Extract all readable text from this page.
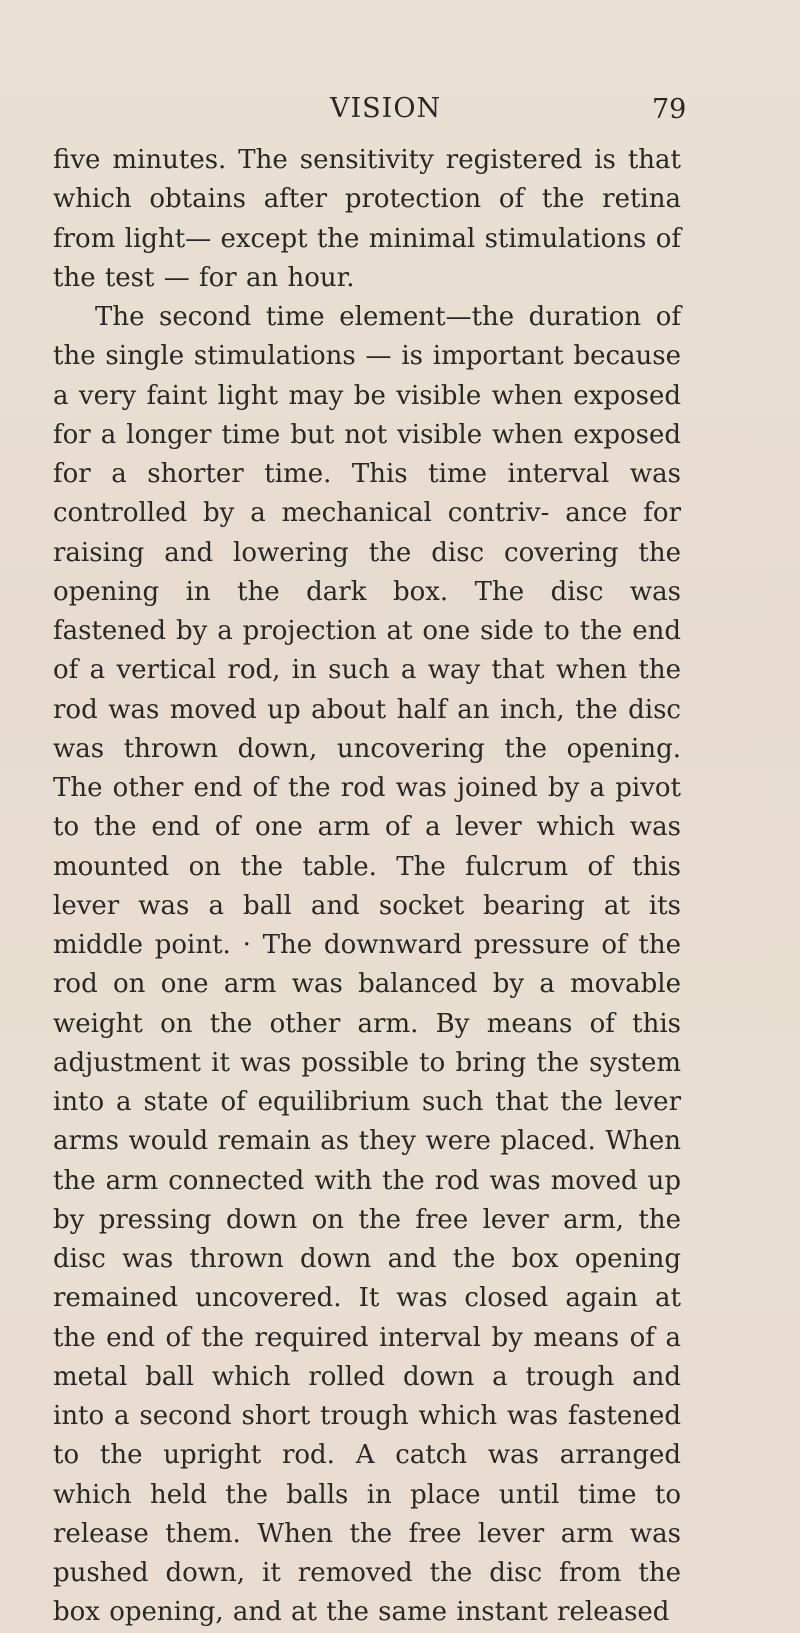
VISION	79

five minutes. The sensitivity registered is that which obtains after protection of the retina from light— except the minimal stimulations of the test — for an hour.

The second time element—the duration of the single stimulations — is important because a very faint light may be visible when exposed for a longer time but not visible when exposed for a shorter time. This time interval was controlled by a mechanical contriv- ance for raising and lowering the disc covering the opening in the dark box. The disc was fastened by a projection at one side to the end of a vertical rod, in such a way that when the rod was moved up about half an inch, the disc was thrown down, uncovering the opening. The other end of the rod was joined by a pivot to the end of one arm of a lever which was mounted on the table. The fulcrum of this lever was a ball and socket bearing at its middle point. · The downward pressure of the rod on one arm was balanced by a movable weight on the other arm. By means of this adjustment it was possible to bring the system into a state of equilibrium such that the lever arms would remain as they were placed. When the arm connected with the rod was moved up by pressing down on the free lever arm, the disc was thrown down and the box opening remained uncovered. It was closed again at the end of the required interval by means of a metal ball which rolled down a trough and into a second short trough which was fastened to the upright rod. A catch was arranged which held the balls in place until time to release them. When the free lever arm was pushed down, it removed the disc from the box opening, and at the same instant released
